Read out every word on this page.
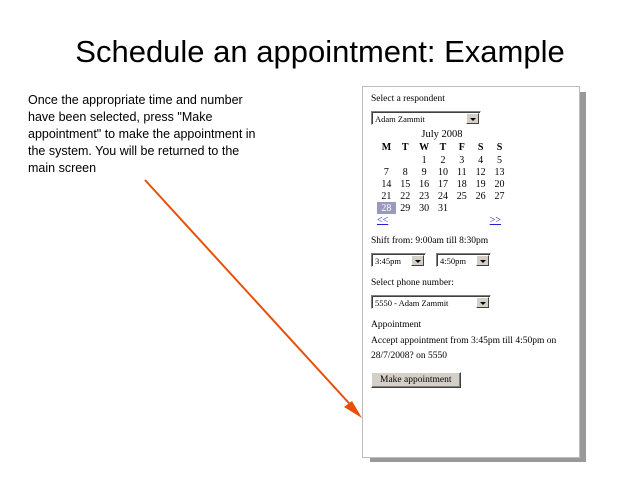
Schedule an appointment: Example
Once the appropriate time and number have been selected, press "Make appointment" to make the appointment in the system. You will be returned to the main screen
Select a respondent
Adam Zammit
July 2008
M	T	W	T	F	S	S
		1	2	3	4	5
7	8	9	10	11	12	13
14	15	16	17	18	19	20
21	22	23	24	25	26	27
28	29	30	31			
<<	>>
Shift from: 9:00am till 8:30pm
3:45pm	4:50pm
Select phone number:
5550 - Adam Zammit
Appointment
Accept appointment from 3:45pm till 4:50pm on
28/7/2008? on 5550
Make appointment
